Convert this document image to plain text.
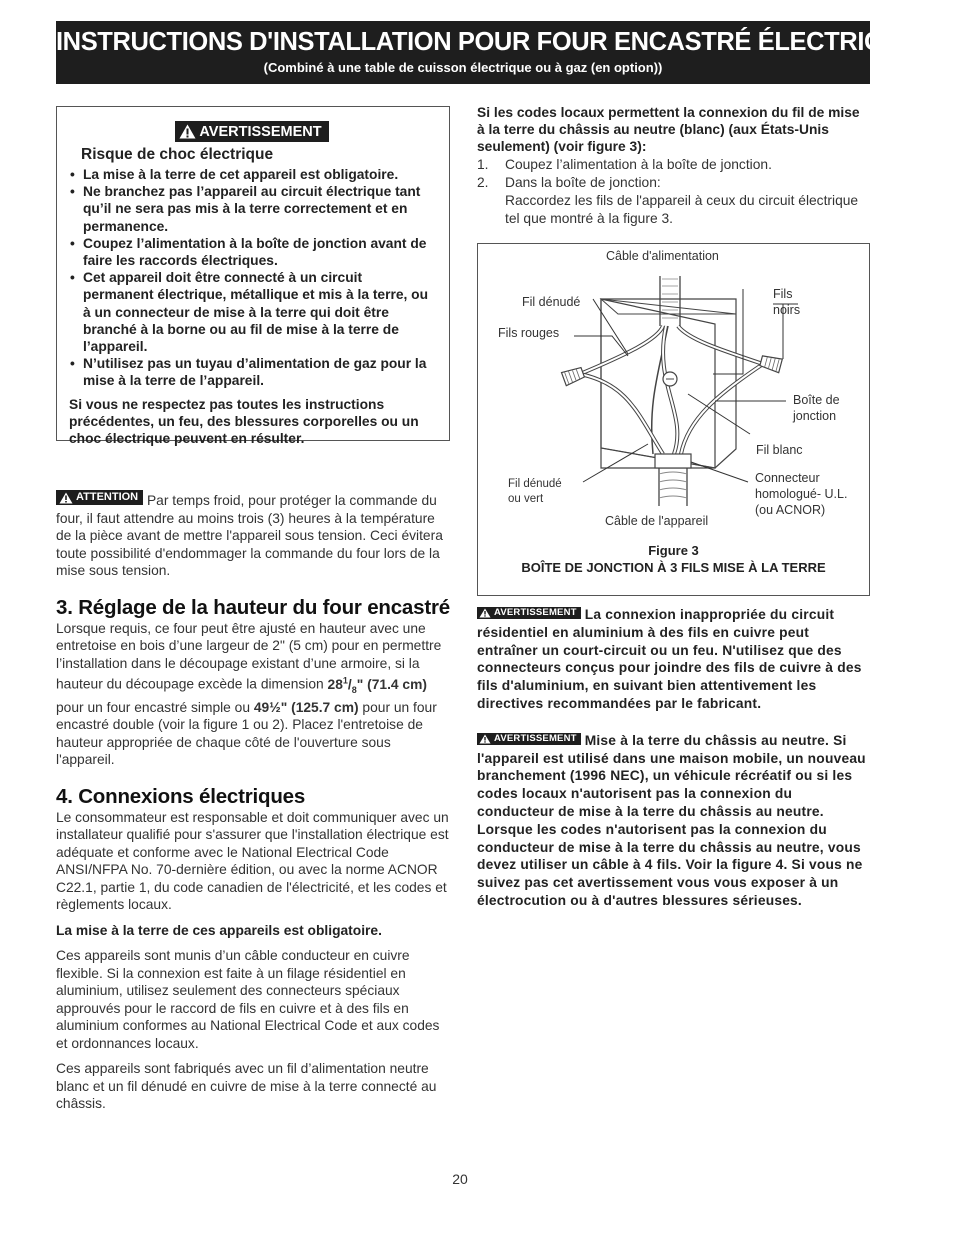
INSTRUCTIONS D'INSTALLATION POUR FOUR ENCASTRÉ ÉLECTRIQUE
(Combiné à une table de cuisson électrique ou à gaz (en option))
AVERTISSEMENT
Risque de choc électrique
• La mise à la terre de cet appareil est obligatoire.
• Ne branchez pas l’appareil au circuit électrique tant qu’il ne sera pas mis à la terre correctement et en permanence.
• Coupez l’alimentation à la boîte de jonction avant de faire les raccords électriques.
• Cet appareil doit être connecté à un circuit permanent électrique, métallique et mis à la terre, ou à un connecteur de mise à la terre qui doit être branché à la borne ou au fil de mise à la terre de l’appareil.
• N’utilisez pas un tuyau d’alimentation de gaz pour la mise à la terre de l’appareil.

Si vous ne respectez pas toutes les instructions précédentes, un feu, des blessures corporelles ou un choc électrique peuvent en résulter.

ATTENTION Par temps froid, pour protéger la commande du four, il faut attendre au moins trois (3) heures à la température de la pièce avant de mettre l'appareil sous tension. Ceci évitera toute possibilité d'endommager la commande du four lors de la mise sous tension.

3. Réglage de la hauteur du four encastré

Lorsque requis, ce four peut être ajusté en hauteur avec une entretoise en bois d’une largeur de 2" (5 cm) pour en permettre l’installation dans le découpage existant d’une armoire, si la hauteur du découpage excède la dimension $28^1/_8$" (71.4 cm) pour un four encastré simple ou 49½" (125.7 cm) pour un four encastré double (voir la figure 1 ou 2). Placez l'entretoise de hauteur appropriée de chaque côté de l'ouverture sous l'appareil.

4. Connexions électriques

Le consommateur est responsable et doit communiquer avec un installateur qualifié pour s'assurer que l'installation électrique est adéquate et conforme avec le National Electrical Code ANSI/NFPA No. 70-dernière édition, ou avec la norme ACNOR C22.1, partie 1, du code canadien de l'électricité, et les codes et règlements locaux.

La mise à la terre de ces appareils est obligatoire.

Ces appareils sont munis d’un câble conducteur en cuivre flexible. Si la connexion est faite à un filage résidentiel en aluminium, utilisez seulement des connecteurs spéciaux approuvés pour le raccord de fils en cuivre et à des fils en aluminium conformes au National Electrical Code et aux codes et ordonnances locaux.

Ces appareils sont fabriqués avec un fil d’alimentation neutre blanc et un fil dénudé en cuivre de mise à la terre connecté au châssis.

Si les codes locaux permettent la connexion du fil de mise à la terre du châssis au neutre (blanc) (aux États-Unis seulement) (voir figure 3):

1. Coupez l’alimentation à la boîte de jonction.
2. Dans la boîte de jonction:
Raccordez les fils de l'appareil à ceux du circuit électrique tel que montré à la figure 3.
Câble d'alimentation
Fil dénudé
Fils rouges
Fils
noirs
Boîte de
jonction
Fil blanc
Fil dénudé
ou vert
Connecteur
homologué- U.L.
(ou ACNOR)
Câble de l'appareil
Figure 3
BOÎTE DE JONCTION À 3 FILS MISE À LA TERRE

AVERTISSEMENT La connexion inappropriée du circuit résidentiel en aluminium à des fils en cuivre peut entraîner un court-circuit ou un feu. N'utilisez que des connecteurs conçus pour joindre des fils de cuivre à des fils d'aluminium, en suivant bien attentivement les directives recommandées par le fabricant.

AVERTISSEMENT Mise à la terre du châssis au neutre. Si l'appareil est utilisé dans une maison mobile, un nouveau branchement (1996 NEC), un véhicule récréatif ou si les codes locaux n'autorisent pas la connexion du conducteur de mise à la terre du châssis au neutre. Lorsque les codes n'autorisent pas la connexion du conducteur de mise à la terre du châssis au neutre, vous devez utiliser un câble à 4 fils. Voir la figure 4. Si vous ne suivez pas cet avertissement vous vous exposer à un électrocution ou à d'autres blessures sérieuses.

20
